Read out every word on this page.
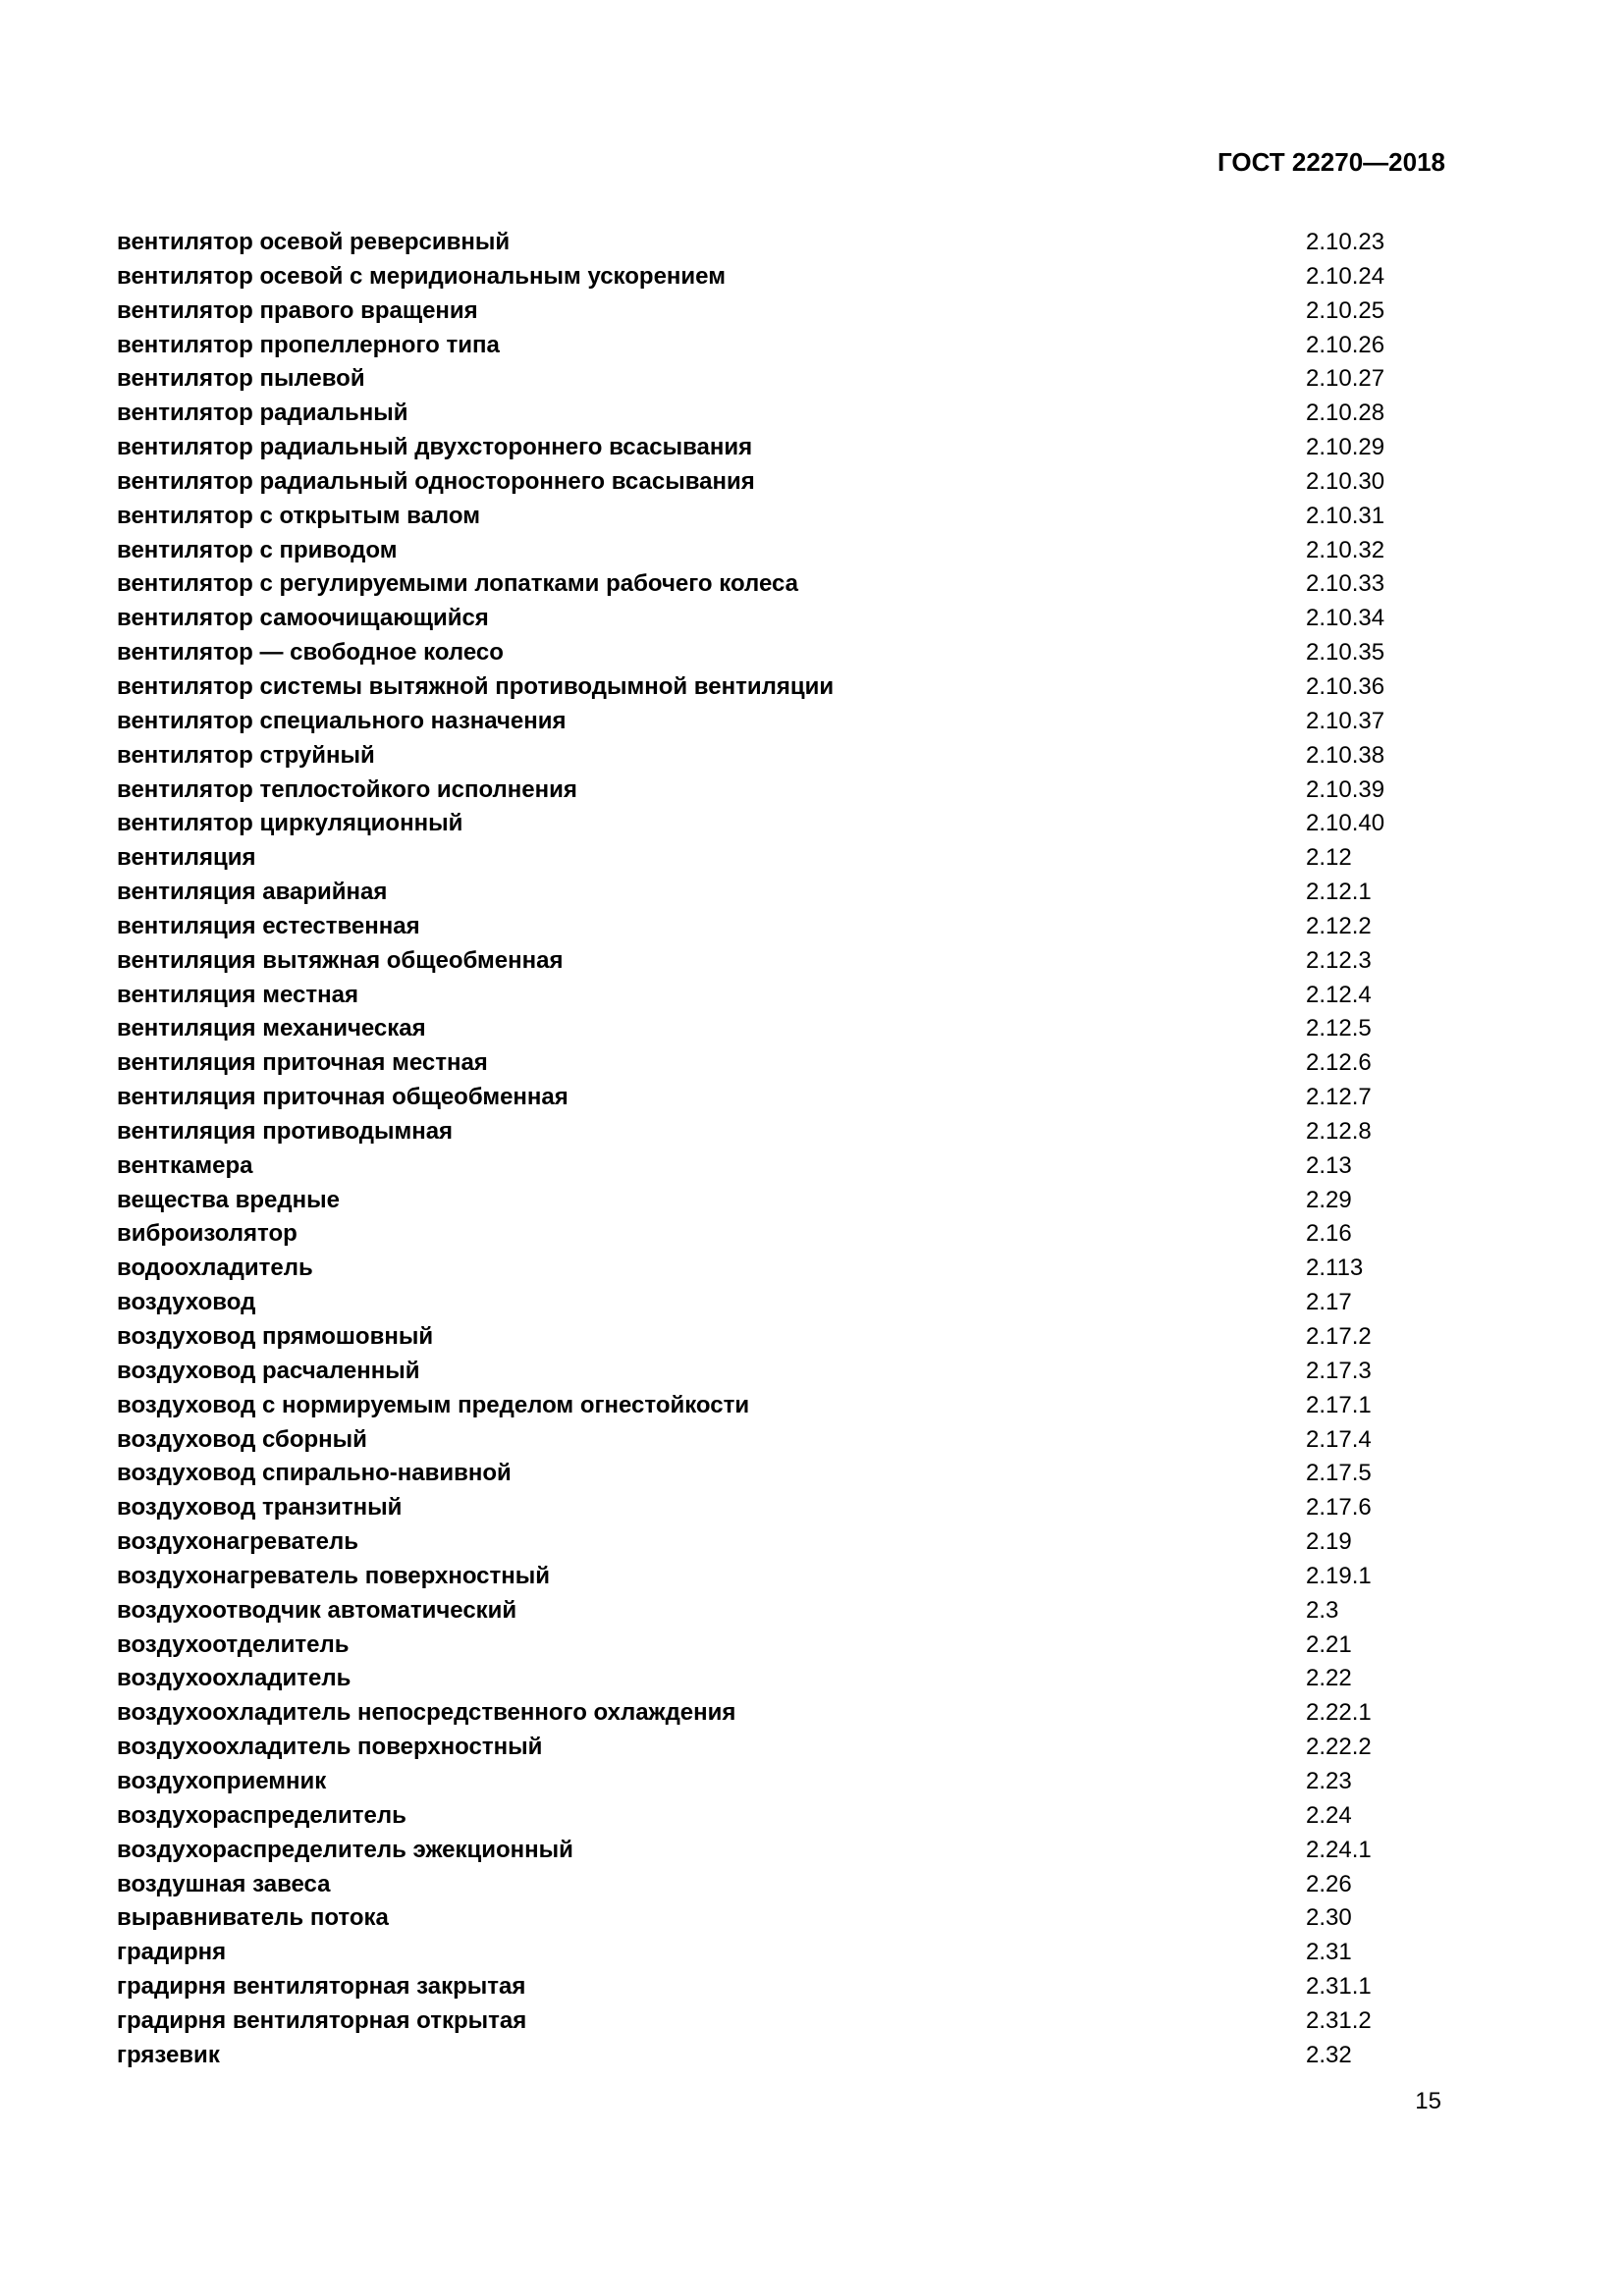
ГОСТ 22270—2018
вентилятор осевой реверсивный	2.10.23
вентилятор осевой с меридиональным ускорением	2.10.24
вентилятор правого вращения	2.10.25
вентилятор пропеллерного типа	2.10.26
вентилятор пылевой	2.10.27
вентилятор радиальный	2.10.28
вентилятор радиальный двухстороннего всасывания	2.10.29
вентилятор радиальный одностороннего всасывания	2.10.30
вентилятор с открытым валом	2.10.31
вентилятор с приводом	2.10.32
вентилятор с регулируемыми лопатками рабочего колеса	2.10.33
вентилятор самоочищающийся	2.10.34
вентилятор — свободное колесо	2.10.35
вентилятор системы вытяжной противодымной вентиляции	2.10.36
вентилятор специального назначения	2.10.37
вентилятор струйный	2.10.38
вентилятор теплостойкого исполнения	2.10.39
вентилятор циркуляционный	2.10.40
вентиляция	2.12
вентиляция аварийная	2.12.1
вентиляция естественная	2.12.2
вентиляция вытяжная общеобменная	2.12.3
вентиляция местная	2.12.4
вентиляция механическая	2.12.5
вентиляция приточная местная	2.12.6
вентиляция приточная общеобменная	2.12.7
вентиляция противодымная	2.12.8
венткамера	2.13
вещества вредные	2.29
виброизолятор	2.16
водоохладитель	2.113
воздуховод	2.17
воздуховод прямошовный	2.17.2
воздуховод расчаленный	2.17.3
воздуховод с нормируемым пределом огнестойкости	2.17.1
воздуховод сборный	2.17.4
воздуховод спирально-навивной	2.17.5
воздуховод транзитный	2.17.6
воздухонагреватель	2.19
воздухонагреватель поверхностный	2.19.1
воздухоотводчик автоматический	2.3
воздухоотделитель	2.21
воздухоохладитель	2.22
воздухоохладитель непосредственного охлаждения	2.22.1
воздухоохладитель поверхностный	2.22.2
воздухоприемник	2.23
воздухораспределитель	2.24
воздухораспределитель эжекционный	2.24.1
воздушная завеса	2.26
выравниватель потока	2.30
градирня	2.31
градирня вентиляторная закрытая	2.31.1
градирня вентиляторная открытая	2.31.2
грязевик	2.32
15
